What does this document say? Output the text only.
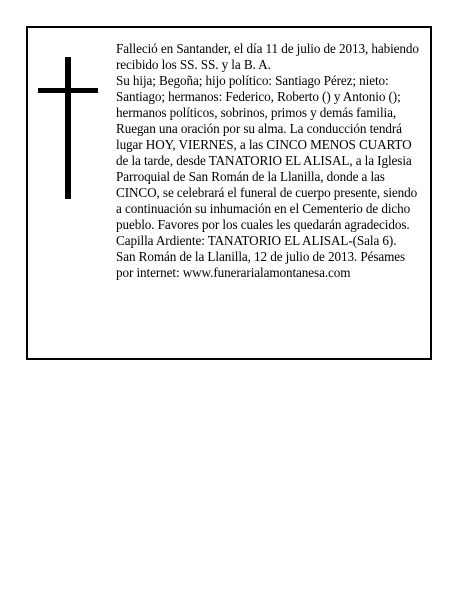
Falleció en Santander, el día 11 de julio de 2013, habiendo recibido los SS. SS. y la B. A.

Su hija; Begoña; hijo político: Santiago Pérez; nieto: Santiago; hermanos: Federico, Roberto () y Antonio (); hermanos políticos, sobrinos, primos y demás familia,

Ruegan una oración por su alma. La conducción tendrá lugar HOY, VIERNES, a las CINCO MENOS CUARTO de la tarde, desde TANATORIO EL ALISAL, a la Iglesia Parroquial de San Román de la Llanilla, donde a las CINCO, se celebrará el funeral de cuerpo presente, siendo a continuación su inhumación en el Cementerio de dicho pueblo. Favores por los cuales les quedarán agradecidos. Capilla Ardiente: TANATORIO EL ALISAL-(Sala 6).

San Román de la Llanilla, 12 de julio de 2013. Pésames por internet: www.funerarialamontanesa.com
